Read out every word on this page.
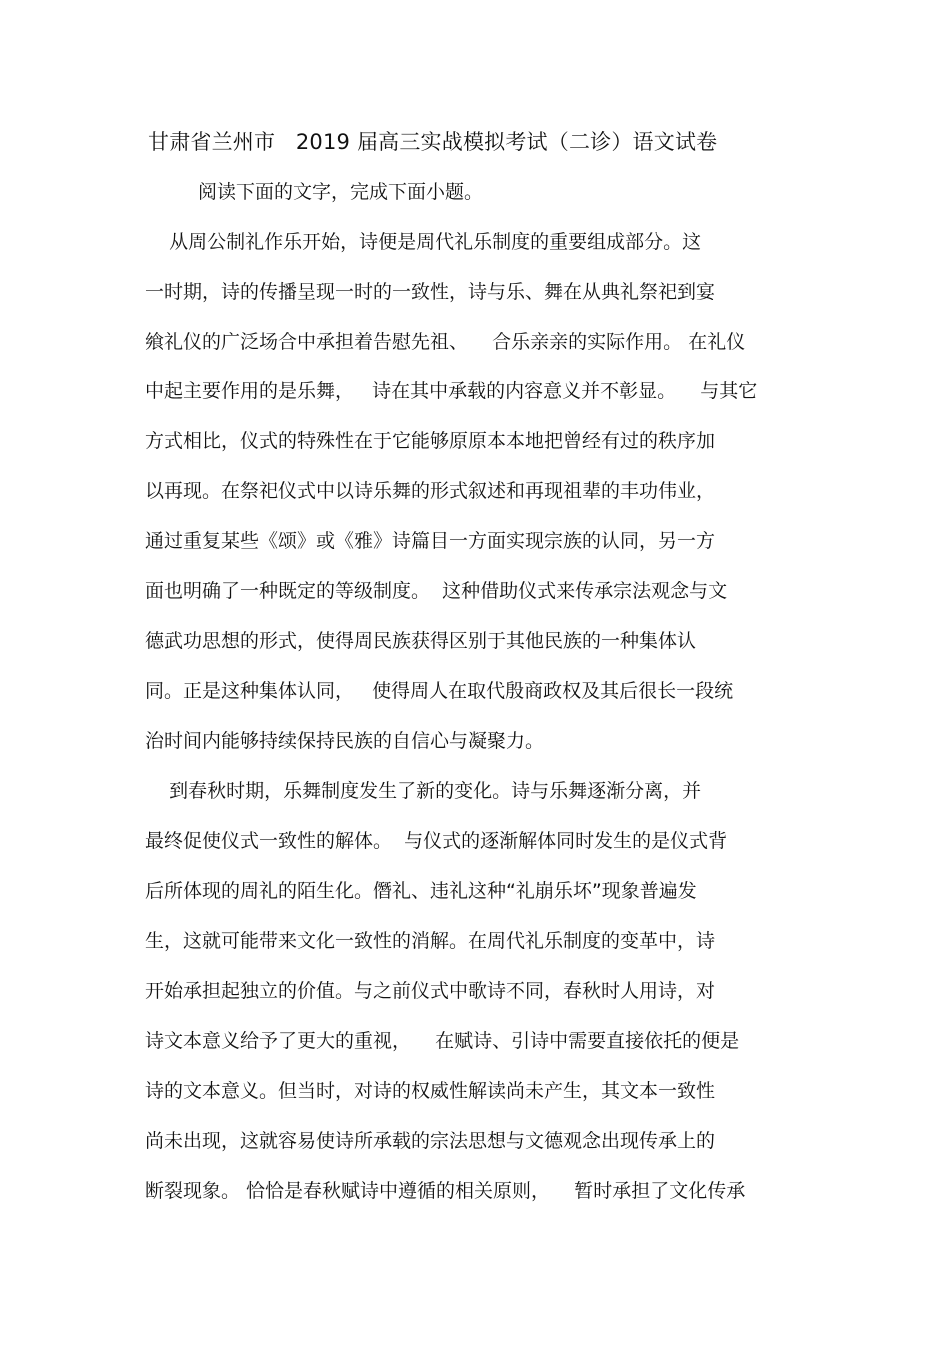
甘肃省兰州市   2019 届高三实战模拟考试（二诊）语文试卷
阅读下面的文字，完成下面小题。
从周公制礼作乐开始，诗便是周代礼乐制度的重要组成部分。这
一时期，诗的传播呈现一时的一致性，诗与乐、舞在从典礼祭祀到宴
飨礼仪的广泛场合中承担着告慰先祖、    合乐亲亲的实际作用。 在礼仪
中起主要作用的是乐舞，   诗在其中承载的内容意义并不彰显。    与其它
方式相比，仪式的特殊性在于它能够原原本本地把曾经有过的秩序加
以再现。在祭祀仪式中以诗乐舞的形式叙述和再现祖辈的丰功伟业，
通过重复某些《颂》或《雅》诗篇目一方面实现宗族的认同，另一方
面也明确了一种既定的等级制度。  这种借助仪式来传承宗法观念与文
德武功思想的形式，使得周民族获得区别于其他民族的一种集体认
同。正是这种集体认同，   使得周人在取代殷商政权及其后很长一段统
治时间内能够持续保持民族的自信心与凝聚力。
到春秋时期，乐舞制度发生了新的变化。诗与乐舞逐渐分离，并
最终促使仪式一致性的解体。  与仪式的逐渐解体同时发生的是仪式背
后所体现的周礼的陌生化。僭礼、违礼这种“礼崩乐坏”现象普遍发
生，这就可能带来文化一致性的消解。在周代礼乐制度的变革中，诗
开始承担起独立的价值。与之前仪式中歌诗不同，春秋时人用诗，对
诗文本意义给予了更大的重视，    在赋诗、引诗中需要直接依托的便是
诗的文本意义。但当时，对诗的权威性解读尚未产生，其文本一致性
尚未出现，这就容易使诗所承载的宗法思想与文德观念出现传承上的
断裂现象。 恰恰是春秋赋诗中遵循的相关原则，    暂时承担了文化传承
